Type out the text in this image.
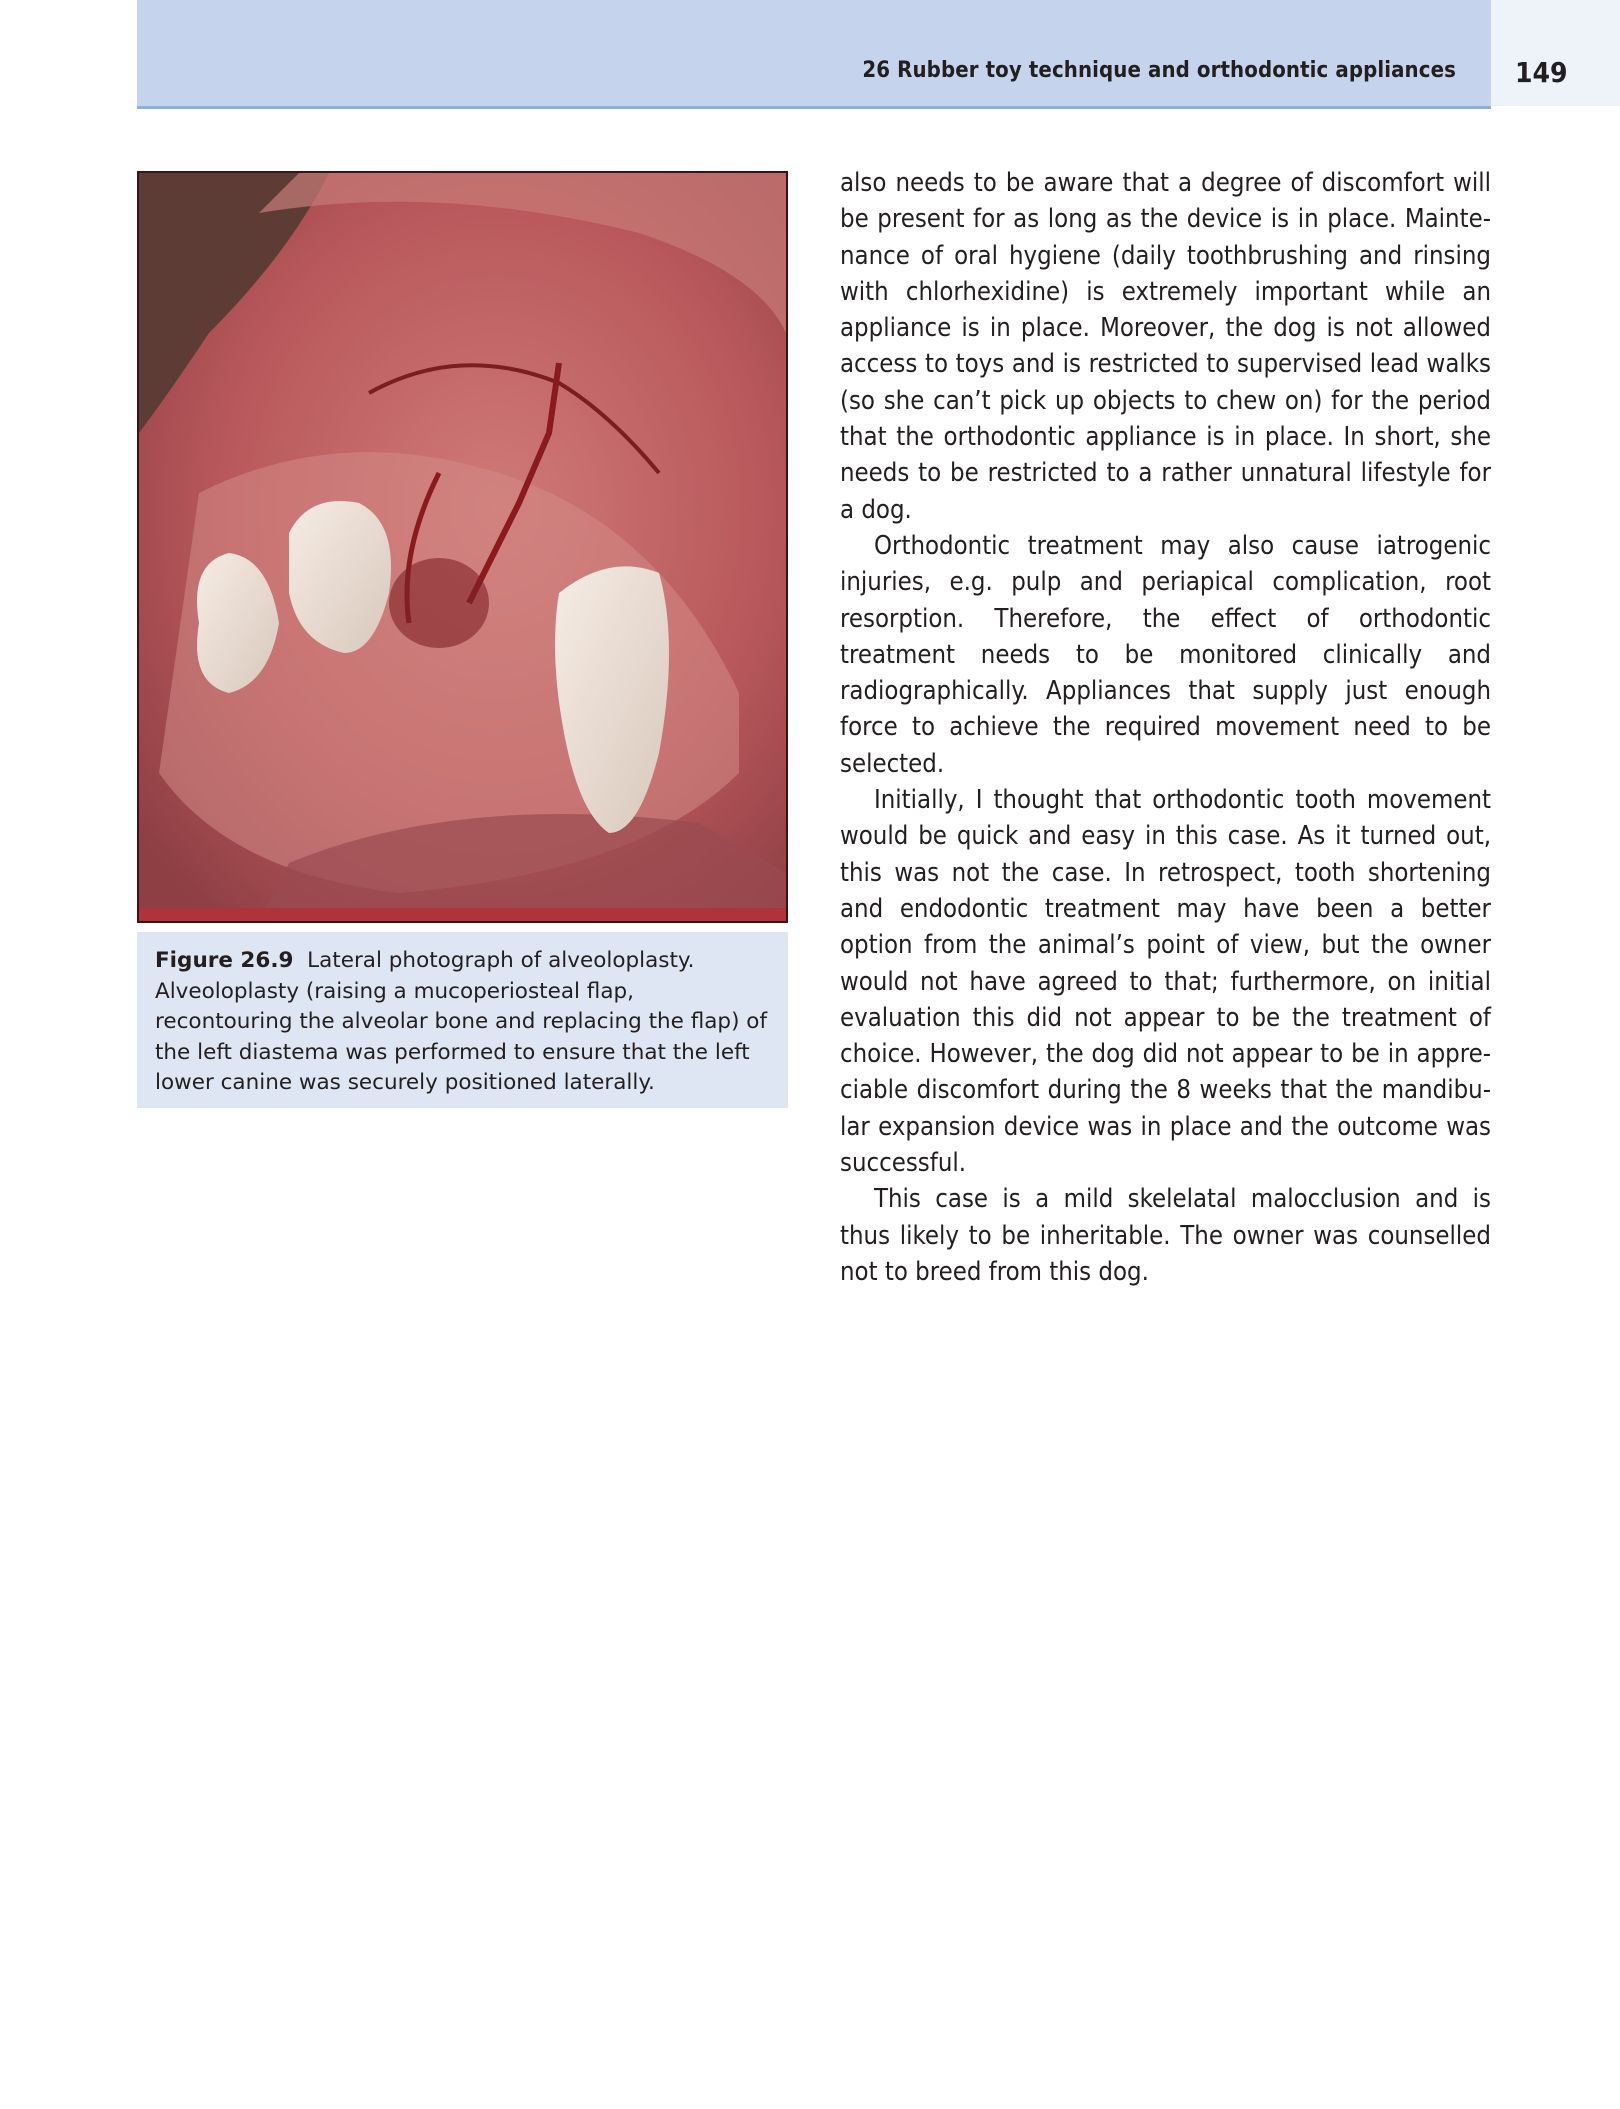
26 Rubber toy technique and orthodontic appliances 149
Figure 26.9 Lateral photograph of alveoloplasty. Alveoloplasty (raising a mucoperiosteal flap, recontouring the alveolar bone and replacing the flap) of the left diastema was performed to ensure that the left lower canine was securely positioned laterally.

also needs to be aware that a degree of discomfort will be present for as long as the device is in place. Maintenance of oral hygiene (daily toothbrushing and rinsing with chlorhexidine) is extremely important while an appliance is in place. Moreover, the dog is not allowed access to toys and is restricted to supervised lead walks (so she can’t pick up objects to chew on) for the period that the orthodontic appliance is in place. In short, she needs to be restricted to a rather unnatural lifestyle for a dog.

Orthodontic treatment may also cause iatrogenic injuries, e.g. pulp and periapical complication, root resorption. Therefore, the effect of orthodontic treatment needs to be monitored clinically and radiographically. Appliances that supply just enough force to achieve the required movement need to be selected.

Initially, I thought that orthodontic tooth movement would be quick and easy in this case. As it turned out, this was not the case. In retrospect, tooth shortening and endodontic treatment may have been a better option from the animal’s point of view, but the owner would not have agreed to that; furthermore, on initial evaluation this did not appear to be the treatment of choice. However, the dog did not appear to be in appreciable discomfort during the 8 weeks that the mandibular expansion device was in place and the outcome was successful.

This case is a mild skelelatal malocclusion and is thus likely to be inheritable. The owner was counselled not to breed from this dog.
